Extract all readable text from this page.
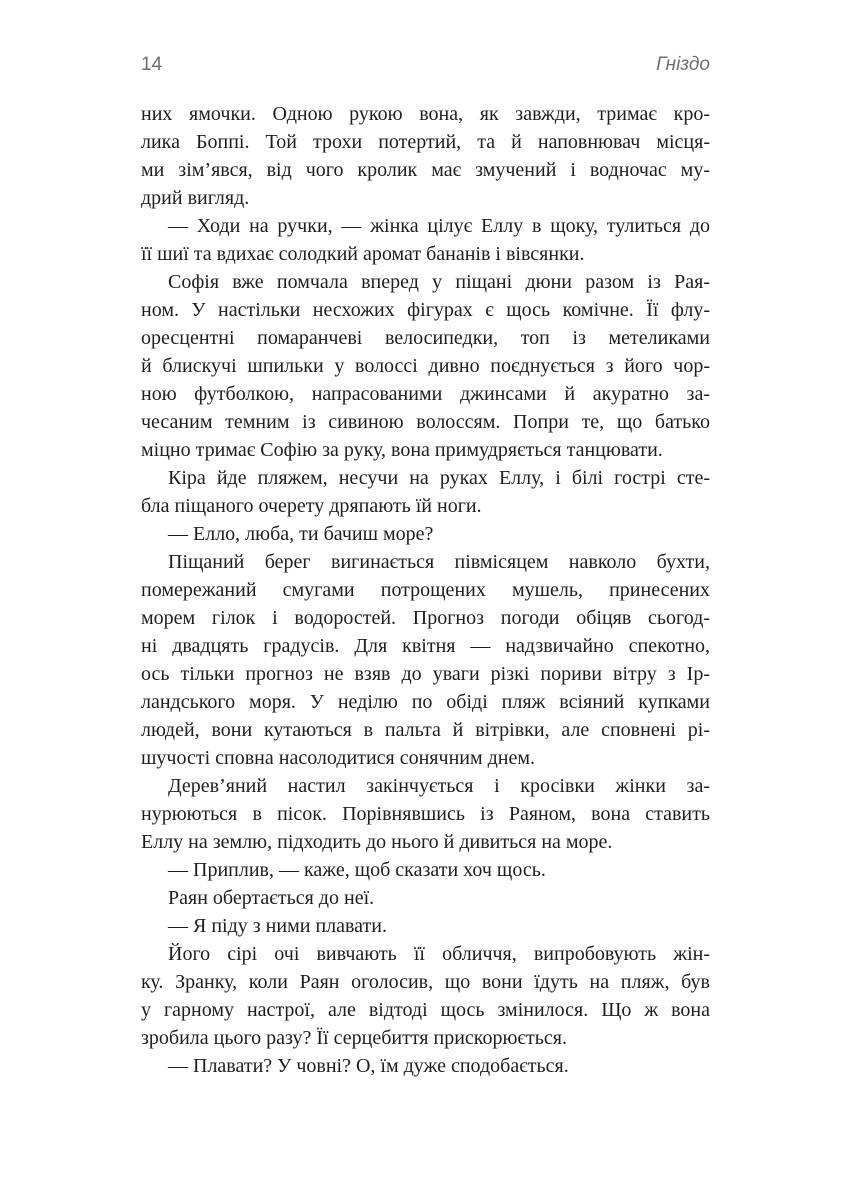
14	Гніздо
них ямочки. Одною рукою вона, як завжди, тримає кро-
лика Боппі. Той трохи потертий, та й наповнювач місця-
ми зім’явся, від чого кролик має змучений і водночас му-
дрий вигляд.
— Ходи на ручки, — жінка цілує Еллу в щоку, тулиться до
її шиї та вдихає солодкий аромат бананів і вівсянки.
Софія вже помчала вперед у піщані дюни разом із Рая-
ном. У настільки несхожих фігурах є щось комічне. Її флу-
оресцентні помаранчеві велосипедки, топ із метеликами
й блискучі шпильки у волоссі дивно поєднується з його чор-
ною футболкою, напрасованими джинсами й акуратно за-
чесаним темним із сивиною волоссям. Попри те, що батько
міцно тримає Софію за руку, вона примудряється танцювати.
Кіра йде пляжем, несучи на руках Еллу, і білі гострі сте-
бла піщаного очерету дряпають їй ноги.
— Елло, люба, ти бачиш море?
Піщаний берег вигинається півмісяцем навколо бухти,
помережаний смугами потрощених мушель, принесених
морем гілок і водоростей. Прогноз погоди обіцяв сьогод-
ні двадцять градусів. Для квітня — надзвичайно спекотно,
ось тільки прогноз не взяв до уваги різкі пориви вітру з Ір-
ландського моря. У неділю по обіді пляж всіяний купками
людей, вони кутаються в пальта й вітрівки, але сповнені рі-
шучості сповна насолодитися сонячним днем.
Дерев’яний настил закінчується і кросівки жінки за-
нурюються в пісок. Порівнявшись із Раяном, вона ставить
Еллу на землю, підходить до нього й дивиться на море.
— Приплив, — каже, щоб сказати хоч щось.
Раян обертається до неї.
— Я піду з ними плавати.
Його сірі очі вивчають її обличчя, випробовують жін-
ку. Зранку, коли Раян оголосив, що вони їдуть на пляж, був
у гарному настрої, але відтоді щось змінилося. Що ж вона
зробила цього разу? Її серцебиття прискорюється.
— Плавати? У човні? О, їм дуже сподобається.
